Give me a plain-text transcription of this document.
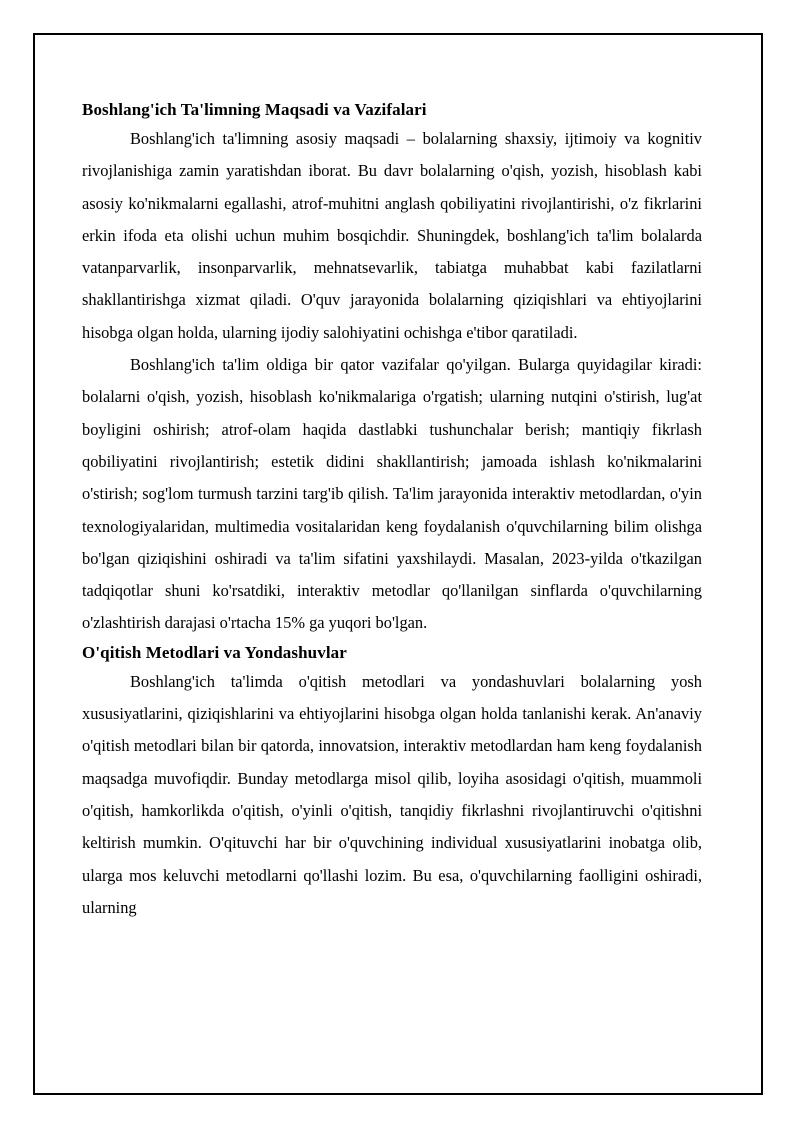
Boshlang'ich Ta'limning Maqsadi va Vazifalari

Boshlang'ich ta'limning asosiy maqsadi – bolalarning shaxsiy, ijtimoiy va kognitiv rivojlanishiga zamin yaratishdan iborat. Bu davr bolalarning o'qish, yozish, hisoblash kabi asosiy ko'nikmalarni egallashi, atrof-muhitni anglash qobiliyatini rivojlantirishi, o'z fikrlarini erkin ifoda eta olishi uchun muhim bosqichdir. Shuningdek, boshlang'ich ta'lim bolalarda vatanparvarlik, insonparvarlik, mehnatsevarlik, tabiatga muhabbat kabi fazilatlarni shakllantirishga xizmat qiladi. O'quv jarayonida bolalarning qiziqishlari va ehtiyojlarini hisobga olgan holda, ularning ijodiy salohiyatini ochishga e'tibor qaratiladi.

Boshlang'ich ta'lim oldiga bir qator vazifalar qo'yilgan. Bularga quyidagilar kiradi: bolalarni o'qish, yozish, hisoblash ko'nikmalariga o'rgatish; ularning nutqini o'stirish, lug'at boyligini oshirish; atrof-olam haqida dastlabki tushunchalar berish; mantiqiy fikrlash qobiliyatini rivojlantirish; estetik didini shakllantirish; jamoada ishlash ko'nikmalarini o'stirish; sog'lom turmush tarzini targ'ib qilish. Ta'lim jarayonida interaktiv metodlardan, o'yin texnologiyalaridan, multimedia vositalaridan keng foydalanish o'quvchilarning bilim olishga bo'lgan qiziqishini oshiradi va ta'lim sifatini yaxshilaydi. Masalan, 2023-yilda o'tkazilgan tadqiqotlar shuni ko'rsatdiki, interaktiv metodlar qo'llanilgan sinflarda o'quvchilarning o'zlashtirish darajasi o'rtacha 15% ga yuqori bo'lgan.

O'qitish Metodlari va Yondashuvlar

Boshlang'ich ta'limda o'qitish metodlari va yondashuvlari bolalarning yosh xususiyatlarini, qiziqishlarini va ehtiyojlarini hisobga olgan holda tanlanishi kerak. An'anaviy o'qitish metodlari bilan bir qatorda, innovatsion, interaktiv metodlardan ham keng foydalanish maqsadga muvofiqdir. Bunday metodlarga misol qilib, loyiha asosidagi o'qitish, muammoli o'qitish, hamkorlikda o'qitish, o'yinli o'qitish, tanqidiy fikrlashni rivojlantiruvchi o'qitishni keltirish mumkin. O'qituvchi har bir o'quvchining individual xususiyatlarini inobatga olib, ularga mos keluvchi metodlarni qo'llashi lozim. Bu esa, o'quvchilarning faolligini oshiradi, ularning
